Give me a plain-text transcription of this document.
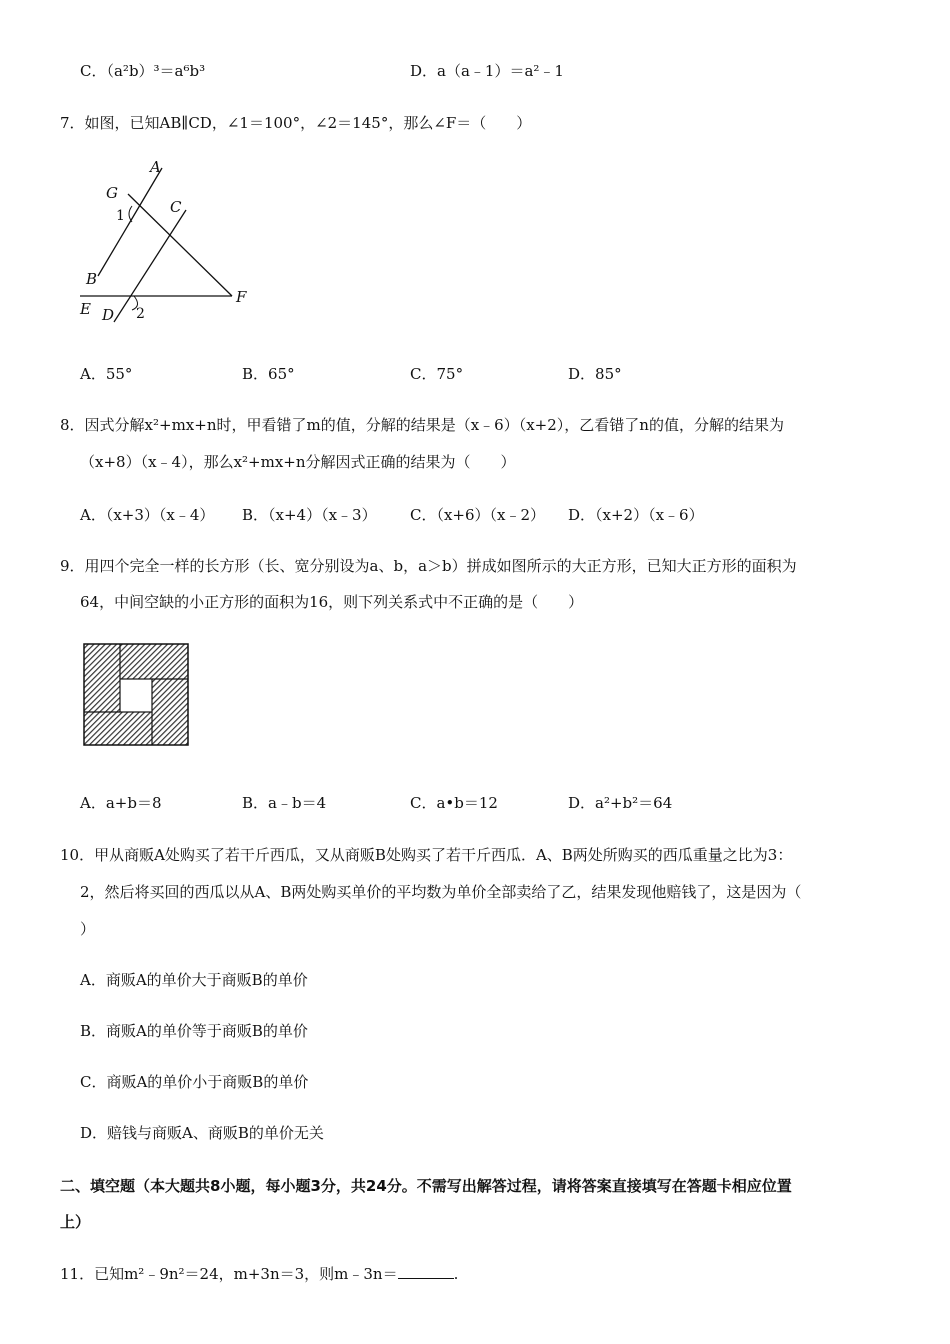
C．（a²b）³＝a⁶b³	D．a（a﹣1）＝a²﹣1
7．如图，已知AB∥CD，∠1＝100°，∠2＝145°，那么∠F＝（　　）
A
G
C
1
B
E D 2
F
A．55°	B．65°	C．75°	D．85°
8．因式分解x²+mx+n时，甲看错了m的值，分解的结果是（x﹣6）（x+2），乙看错了n的值，分解的结果为
（x+8）（x﹣4），那么x²+mx+n分解因式正确的结果为（　　）
A．（x+3）（x﹣4） B．（x+4）（x﹣3） C．（x+6）（x﹣2） D．（x+2）（x﹣6）
9．用四个完全一样的长方形（长、宽分别设为a、b，a＞b）拼成如图所示的大正方形，已知大正方形的面积为
64，中间空缺的小正方形的面积为16，则下列关系式中不正确的是（　　）
A．a+b＝8	B．a﹣b＝4	C．a•b＝12	D．a²+b²＝64
10．甲从商贩A处购买了若干斤西瓜，又从商贩B处购买了若干斤西瓜．A、B两处所购买的西瓜重量之比为3：
2，然后将买回的西瓜以从A、B两处购买单价的平均数为单价全部卖给了乙，结果发现他赔钱了，这是因为（
）
A．商贩A的单价大于商贩B的单价
B．商贩A的单价等于商贩B的单价
C．商贩A的单价小于商贩B的单价
D．赔钱与商贩A、商贩B的单价无关
二、填空题（本大题共8小题，每小题3分，共24分。不需写出解答过程，请将答案直接填写在答题卡相应位置
上）
11．已知m²﹣9n²＝24，m+3n＝3，则m﹣3n＝	.
